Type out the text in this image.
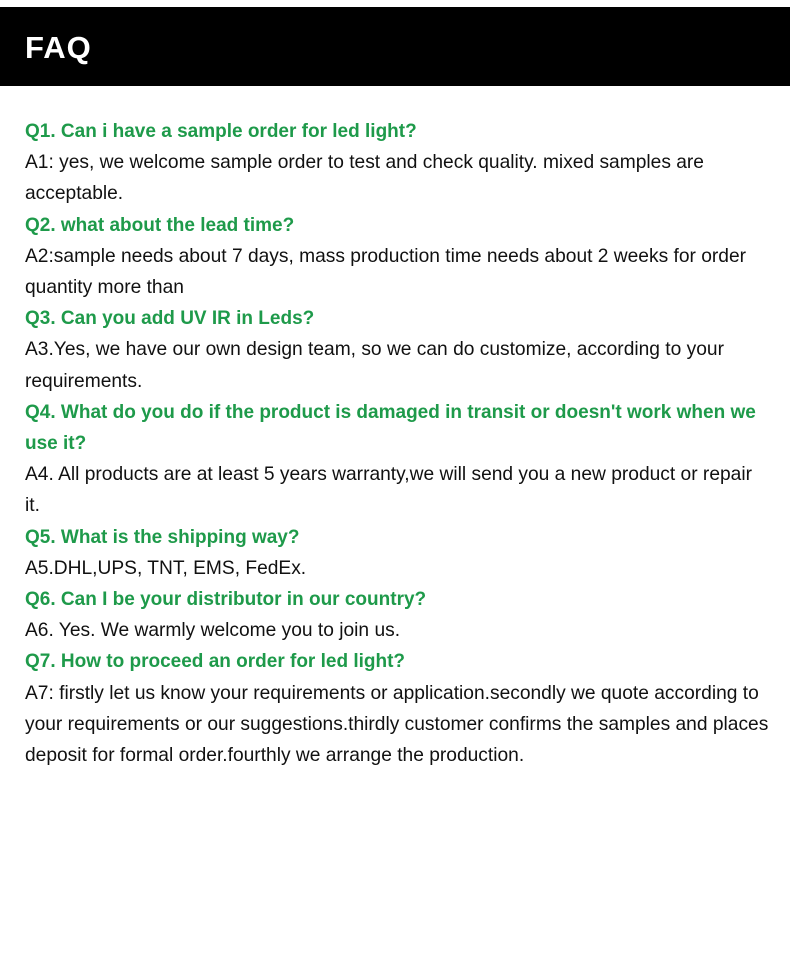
FAQ

Q1. Can i have a sample order for led light?

A1: yes, we welcome sample order to test and check quality. mixed samples are acceptable.

Q2. what about the lead time?

A2:sample needs about 7 days, mass production time needs about 2 weeks for order quantity more than

Q3. Can you add UV IR in Leds?

A3.Yes, we have our own design team, so we can do customize, according to your requirements.

Q4. What do you do if the product is damaged in transit or doesn't work when we use it?

A4. All products are at least 5 years warranty,we will send you a new product or repair it.

Q5. What is the shipping way?

A5.DHL,UPS, TNT, EMS, FedEx.

Q6. Can I be your distributor in our country?

A6. Yes. We warmly welcome you to join us.

Q7. How to proceed an order for led light?

A7: firstly let us know your requirements or application.secondly we quote according to your requirements or our suggestions.thirdly customer confirms the samples and places deposit for formal order.fourthly we arrange the production.
